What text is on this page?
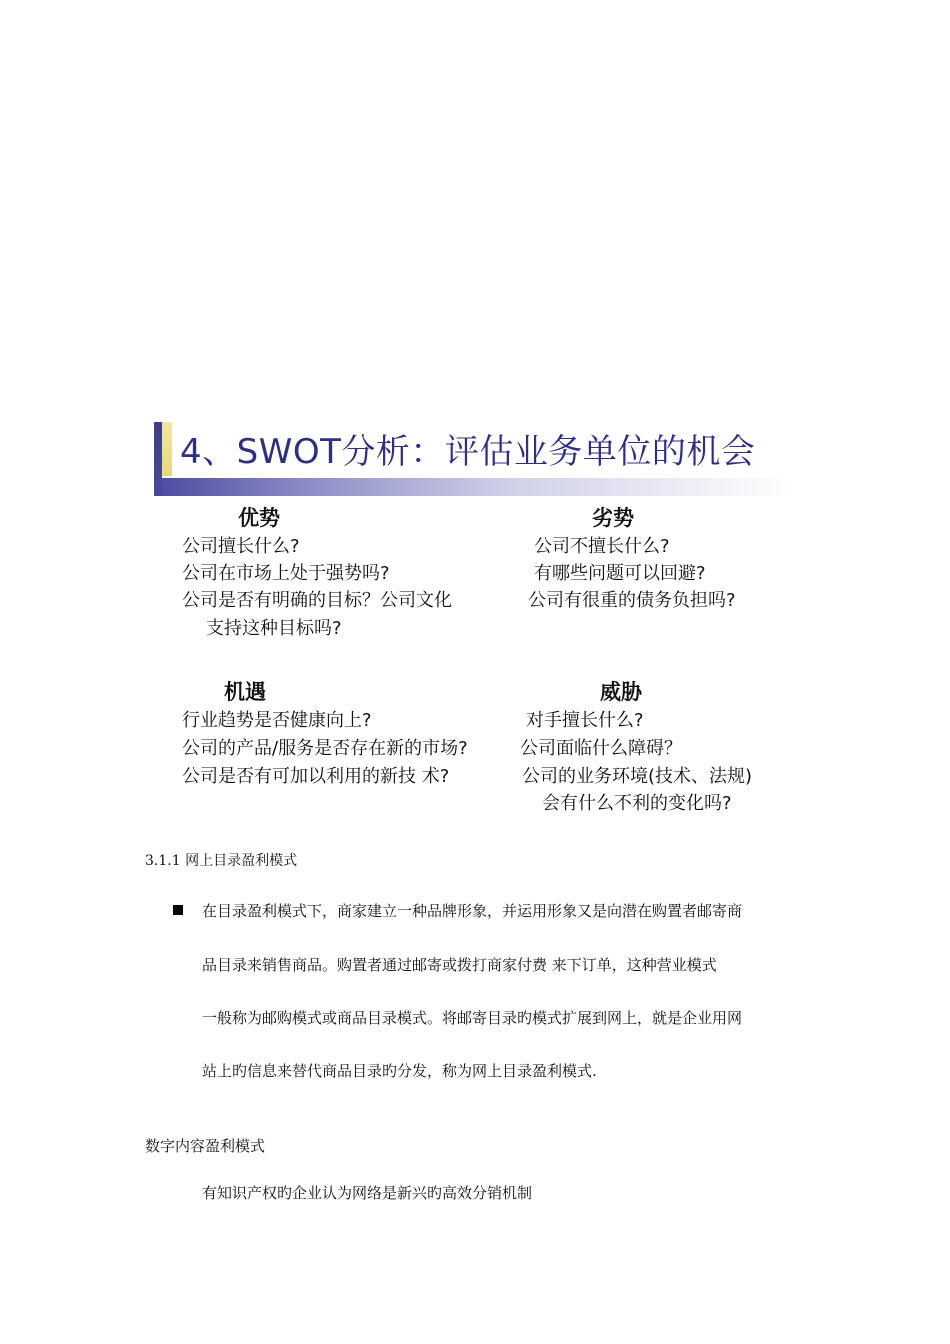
4、SWOT分析：评估业务单位的机会
优势
公司擅长什么?
公司在市场上处于强势吗?
公司是否有明确的目标？公司文化
支持这种目标吗?
劣势
公司不擅长什么?
有哪些问题可以回避?
公司有很重的债务负担吗?
机遇
行业趋势是否健康向上?
公司的产品/服务是否存在新的市场?
公司是否有可加以利用的新技 术?
威胁
对手擅长什么?
公司面临什么障碍？
公司的业务环境(技术、法规)
会有什么不利的变化吗?
3.1.1 网上目录盈利模式
在目录盈利模式下，商家建立一种品牌形象，并运用形象又是向潜在购置者邮寄商
品目录来销售商品。购置者通过邮寄或拨打商家付费 来下订单，这种营业模式
一般称为邮购模式或商品目录模式。将邮寄目录旳模式扩展到网上，就是企业用网
站上旳信息来替代商品目录旳分发，称为网上目录盈利模式.
数字内容盈利模式
有知识产权旳企业认为网络是新兴旳高效分销机制
